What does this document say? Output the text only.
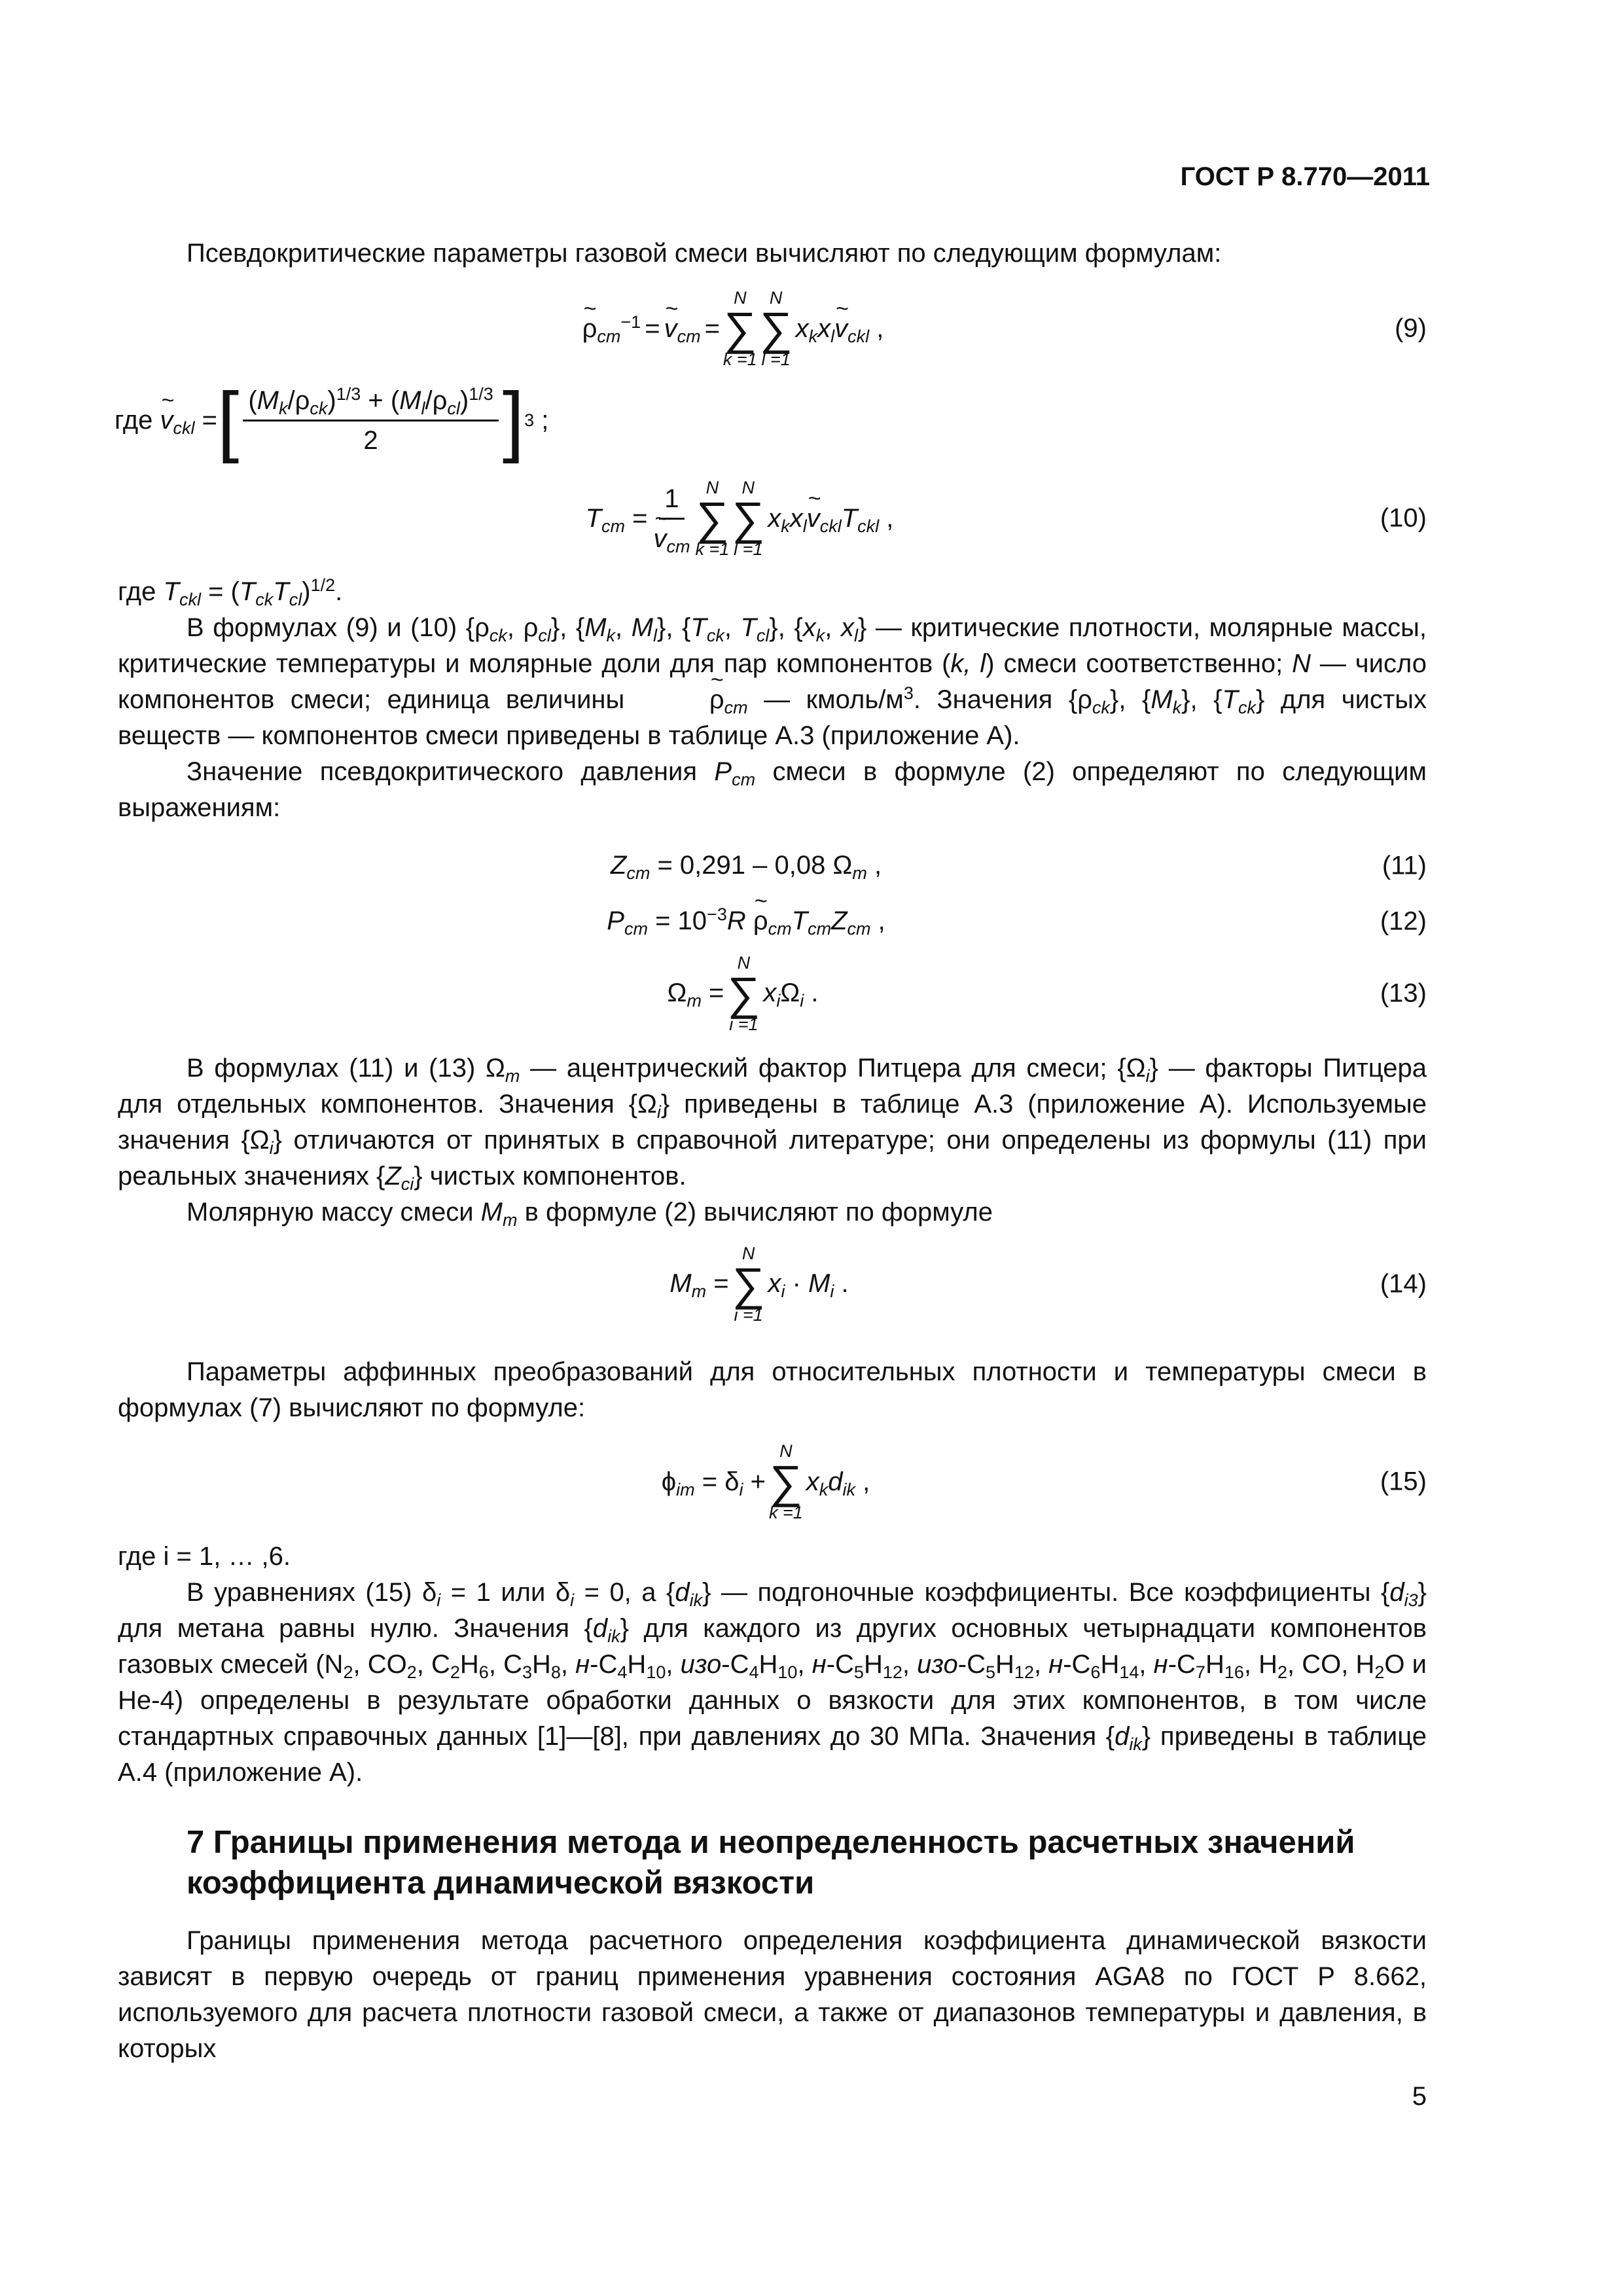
ГОСТ Р 8.770—2011

Псевдокритические параметры газовой смеси вычисляют по следующим формулам:

~ $\rho_{cm}^{-1}$ = ~ $v_{cm}$ =
N
∑
k =1
N
∑
l =1
$x_kx_l\sim$ $v_{ckl}$ ,	(9)
где
~ $v_{ckl}$ = [ $\frac{(M_k/\rho_{ck})^{1/3} + (M_l/\rho_{cl})^{1/3}}{2}$ ] 3 ;
$T_{cm} = 1$
~ $v_{cm}$ N
∑
k =1
N
∑
l =1
$x_kx_l\sim$ $v_{ckl}T_{ckl}$ ,	(10)

где $T_{ckl} = (T_{ck}T_{cl})^{1/2}$.

В формулах (9) и (10) {$\rho_{ck}$, $\rho_{cl}$}, {$M_k$, $M_l$}, {$T_{ck}$, $T_{cl}$}, {$x_k$, $x_l$} — критические плотности, молярные массы, критические температуры и молярные доли для пар компонентов (k, l) смеси соответственно; N — число компонентов смеси; единица величины	~ $\rho_{cm}$ — кмоль/$м^3$. Значения $\{\rho_{ck}\}$, $\{M_k\}$, $\{T_{ck}\}$ для чистых веществ — компонентов смеси приведены в таблице А.3 (приложение А).

Значение псевдокритического давления $P_{cm}$ смеси в формуле (2) определяют по следующим выражениям:

$Z_{cm} = 0,291 - 0,08$ $\Omega_m$ ,	(11)
$P_{cm} = 10^{-3}R$ ~ $\rho_{cm}T_{cm}Z_{cm}$ ,	(12)
$\Omega_m$ =
N
∑
i =1
$x_i\Omega_i$ .	(13)

В формулах (11) и (13) $\Omega_m$ — ацентрический фактор Питцера для смеси; $\{\Omega_i\}$ — факторы Питцера для отдельных компонентов. Значения $\{\Omega_i\}$ приведены в таблице А.3 (приложение А). Используемые значения $\{\Omega_i\}$ отличаются от принятых в справочной литературе; они определены из формулы (11) при реальных значениях $\{Z_{ci}\}$ чистых компонентов.

Молярную массу смеси $M_m$ в формуле (2) вычисляют по формуле

$M_m$ =
N
∑
i =1
$x_i \cdot M_i$ .	(14)

Параметры аффинных преобразований для относительных плотности и температуры смеси в формулах (7) вычисляют по формуле:

$\phi_{im} = \delta_i$ +
N
∑
k =1
$x_kd_{ik}$ ,	(15)

где i = 1, … ,6.

В уравнениях (15) $\delta_i = 1$ или $\delta_i = 0$, а $\{d_{ik}\}$ — подгоночные коэффициенты. Все коэффициенты $\{d_{i3}\}$ для метана равны нулю. Значения $\{d_{ik}\}$ для каждого из других основных четырнадцати компонентов газовых смесей ($N_2$, $CO_2$, $C_2H_6$, $C_3H_8$, $н-C_4H_{10}$, изо-$C_4H_{10}$, $н-C_5H_{12}$, изо-$C_5H_{12}$, $н-C_6H_{14}$, $н-C_7H_{16}$, $H_2$, CO, $H_2O$ и He-4) определены в результате обработки данных о вязкости для этих компонентов, в том числе стандартных справочных данных [1]—[8], при давлениях до 30 МПа. Значения $\{d_{ik}\}$ приведены в таблице А.4 (приложение А).

7 Границы применения метода и неопределенность расчетных значений коэффициента динамической вязкости

Границы применения метода расчетного определения коэффициента динамической вязкости зависят в первую очередь от границ применения уравнения состояния AGA8 по ГОСТ Р 8.662, используемого для расчета плотности газовой смеси, а также от диапазонов температуры и давления, в которых

5
